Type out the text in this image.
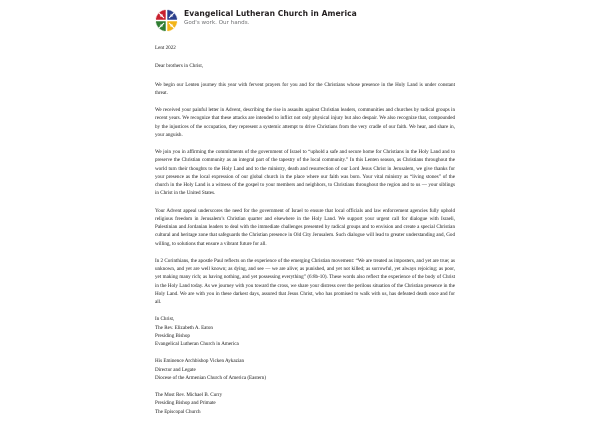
Evangelical Lutheran Church in America
God's work. Our hands.

Lent 2022

Dear brothers in Christ,

We begin our Lenten journey this year with fervent prayers for you and for the Christians whose presence in the Holy Land is under constant threat.

We received your painful letter in Advent, describing the rise in assaults against Christian leaders, communities and churches by radical groups in recent years. We recognize that these attacks are intended to inflict not only physical injury but also despair. We also recognize that, compounded by the injustices of the occupation, they represent a systemic attempt to drive Christians from the very cradle of our faith. We hear, and share in, your anguish.

We join you in affirming the commitments of the government of Israel to “uphold a safe and secure home for Christians in the Holy Land and to preserve the Christian community as an integral part of the tapestry of the local community.” In this Lenten season, as Christians throughout the world turn their thoughts to the Holy Land and to the ministry, death and resurrection of our Lord Jesus Christ in Jerusalem, we give thanks for your presence as the local expression of our global church in the place where our faith was born. Your vital ministry as “living stones” of the church in the Holy Land is a witness of the gospel to your members and neighbors, to Christians throughout the region and to us — your siblings in Christ in the United States.

Your Advent appeal underscores the need for the government of Israel to ensure that local officials and law enforcement agencies fully uphold religious freedom in Jerusalem’s Christian quarter and elsewhere in the Holy Land. We support your urgent call for dialogue with Israeli, Palestinian and Jordanian leaders to deal with the immediate challenges presented by radical groups and to envision and create a special Christian cultural and heritage zone that safeguards the Christian presence in Old City Jerusalem. Such dialogue will lead to greater understanding and, God willing, to solutions that ensure a vibrant future for all.

In 2 Corinthians, the apostle Paul reflects on the experience of the emerging Christian movement: “We are treated as imposters, and yet are true; as unknown, and yet are well known; as dying, and see — we are alive; as punished, and yet not killed; as sorrowful, yet always rejoicing; as poor, yet making many rich; as having nothing, and yet possessing everything” (6:8b-10). These words also reflect the experience of the body of Christ in the Holy Land today. As we journey with you toward the cross, we share your distress over the perilous situation of the Christian presence in the Holy Land. We are with you in these darkest days, assured that Jesus Christ, who has promised to walk with us, has defeated death once and for all.

In Christ,

The Rev. Elizabeth A. Eaton

Presiding Bishop

Evangelical Lutheran Church in America

His Eminence Archbishop Vicken Aykazian

Director and Legate

Diocese of the Armenian Church of America (Eastern)

The Most Rev. Michael B. Curry

Presiding Bishop and Primate

The Episcopal Church
